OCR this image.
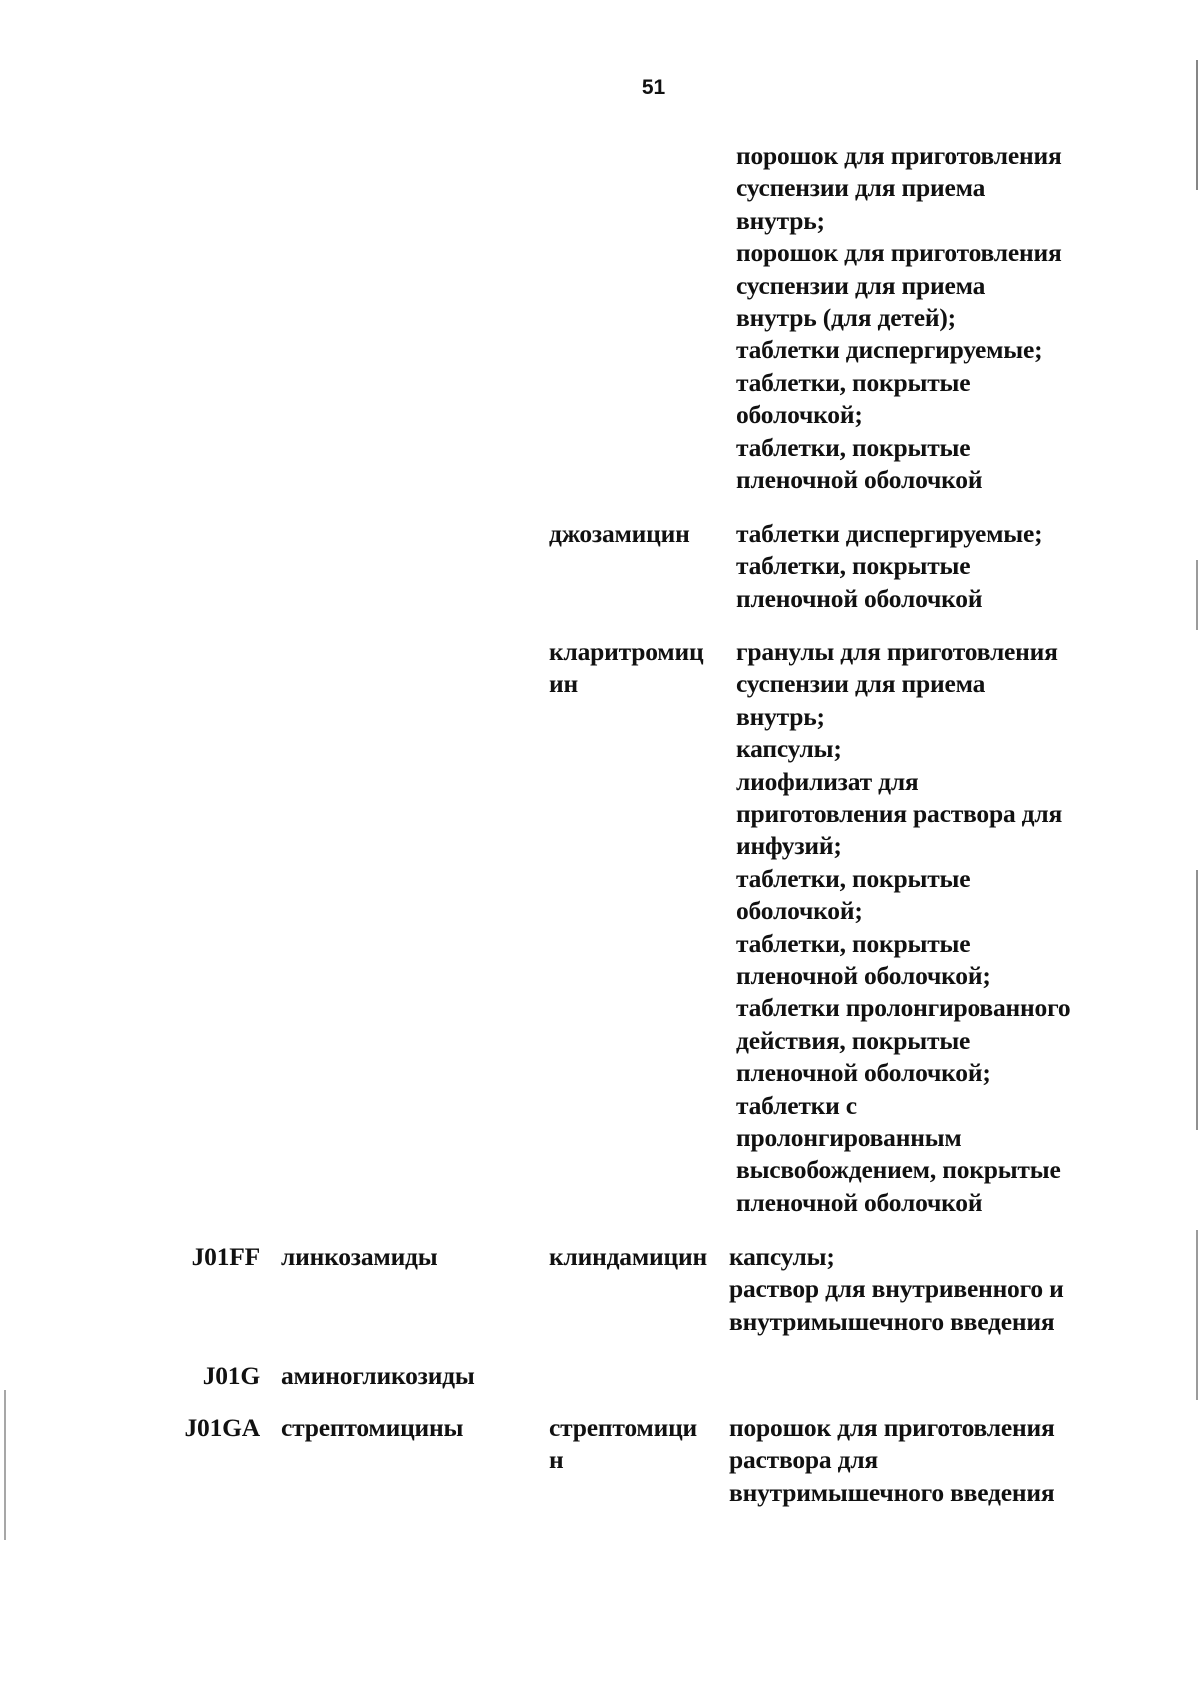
51
порошок для приготовления
суспензии для приема
внутрь;
порошок для приготовления
суспензии для приема
внутрь (для детей);
таблетки диспергируемые;
таблетки, покрытые
оболочкой;
таблетки, покрытые
пленочной оболочкой
джозамицин таблетки диспергируемые;
таблетки, покрытые
пленочной оболочкой
кларитромиц
ин
гранулы для приготовления
суспензии для приема
внутрь;
капсулы;
лиофилизат для
приготовления раствора для
инфузий;
таблетки, покрытые
оболочкой;
таблетки, покрытые
пленочной оболочкой;
таблетки пролонгированного
действия, покрытые
пленочной оболочкой;
таблетки с
пролонгированным
высвобождением, покрытые
пленочной оболочкой
J01FF линкозамиды	клиндамицин капсулы;
раствор для внутривенного и
внутримышечного введения
J01G аминогликозиды
J01GA стрептомицины	стрептомици
н
порошок для приготовления
раствора для
внутримышечного введения
